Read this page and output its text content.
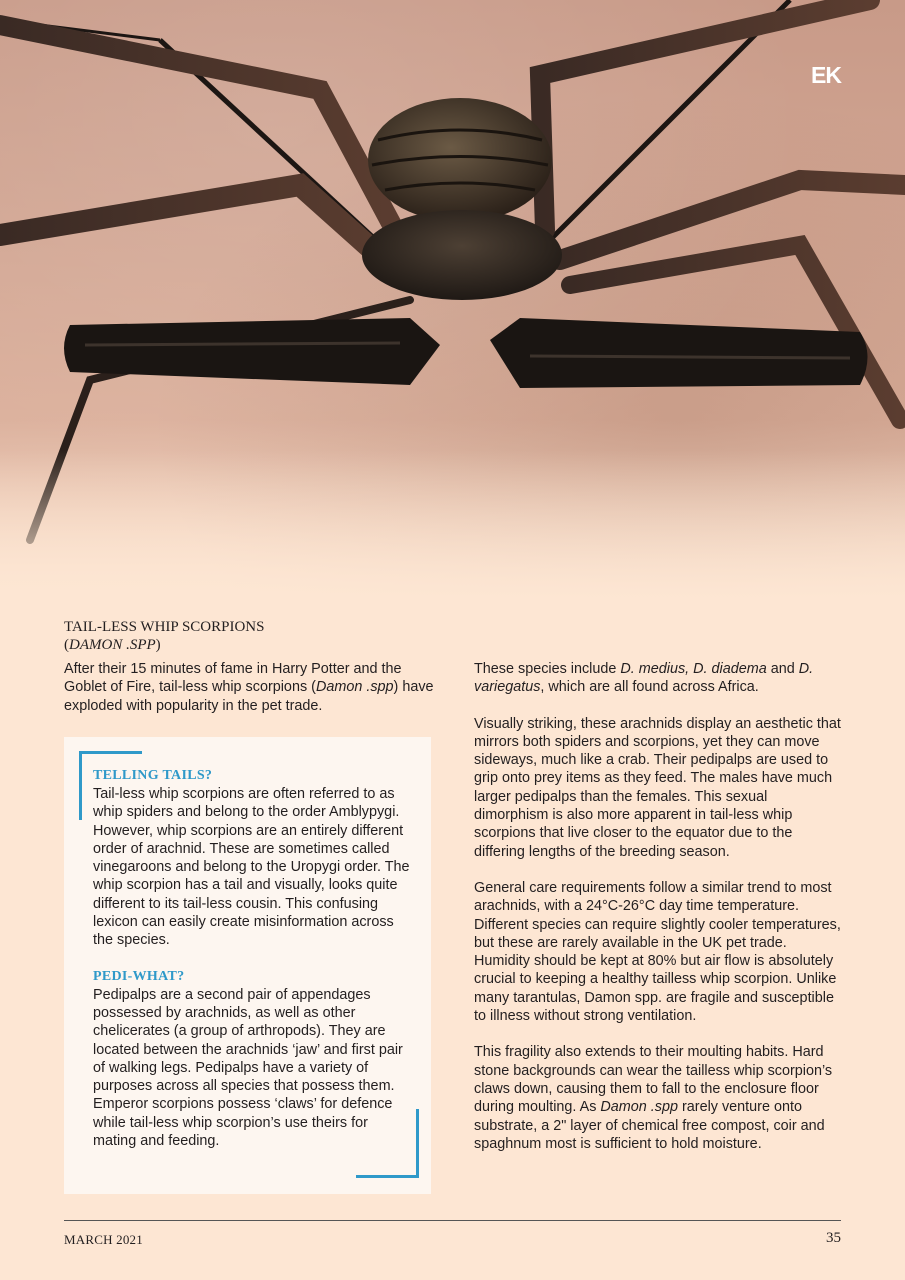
EK
TAIL-LESS WHIP SCORPIONS
(DAMON .SPP)

After their 15 minutes of fame in Harry Potter and the Goblet of Fire, tail-less whip scorpions (Damon .spp) have exploded with popularity in the pet trade.

TELLING TAILS?

Tail-less whip scorpions are often referred to as whip spiders and belong to the order Amblypygi. However, whip scorpions are an entirely different order of arachnid. These are sometimes called vinegaroons and belong to the Uropygi order. The whip scorpion has a tail and visually, looks quite different to its tail-less cousin. This confusing lexicon can easily create misinformation across the species.

PEDI-WHAT?

Pedipalps are a second pair of appendages possessed by arachnids, as well as other chelicerates (a group of arthropods). They are located between the arachnids ‘jaw’ and first pair of walking legs. Pedipalps have a variety of purposes across all species that possess them. Emperor scorpions possess ‘claws’ for defence while tail-less whip scorpion’s use theirs for mating and feeding.

These species include D. medius, D. diadema and D. variegatus, which are all found across Africa.

Visually striking, these arachnids display an aesthetic that mirrors both spiders and scorpions, yet they can move sideways, much like a crab. Their pedipalps are used to grip onto prey items as they feed. The males have much larger pedipalps than the females. This sexual dimorphism is also more apparent in tail-less whip scorpions that live closer to the equator due to the differing lengths of the breeding season.

General care requirements follow a similar trend to most arachnids, with a 24°C-26°C day time temperature. Different species can require slightly cooler temperatures, but these are rarely available in the UK pet trade. Humidity should be kept at 80% but air flow is absolutely crucial to keeping a healthy tailless whip scorpion. Unlike many tarantulas, Damon spp. are fragile and susceptible to illness without strong ventilation.

This fragility also extends to their moulting habits. Hard stone backgrounds can wear the tailless whip scorpion’s claws down, causing them to fall to the enclosure floor during moulting. As Damon .spp rarely venture onto substrate, a 2" layer of chemical free compost, coir and spaghnum most is sufficient to hold moisture.

MARCH 2021	35
